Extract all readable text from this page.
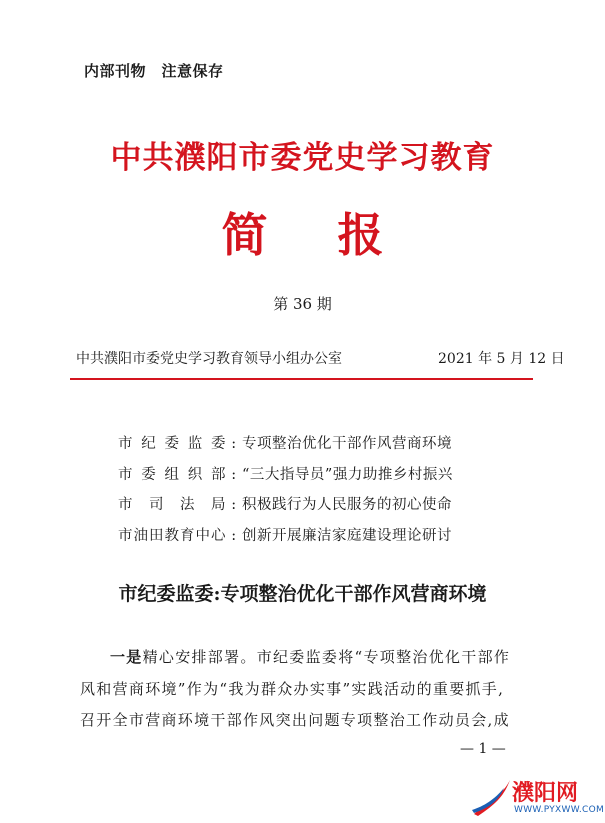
内部刊物　注意保存
中共濮阳市委党史学习教育
简报
第 36 期
中共濮阳市委党史学习教育领导小组办公室	2021 年 5 月 12 日
市纪委监委 : 专项整治优化干部作风营商环境
市委组织部 : “三大指导员”强力助推乡村振兴
市司法局 : 积极践行为人民服务的初心使命
市油田教育中心 : 创新开展廉洁家庭建设理论研讨
市纪委监委:专项整治优化干部作风营商环境
一是精心安排部署。市纪委监委将“专项整治优化干部作
风和营商环境”作为“我为群众办实事”实践活动的重要抓手,
召开全市营商环境干部作风突出问题专项整治工作动员会,成
— 1 —
濮阳网
WWW.PYXWW.COM
